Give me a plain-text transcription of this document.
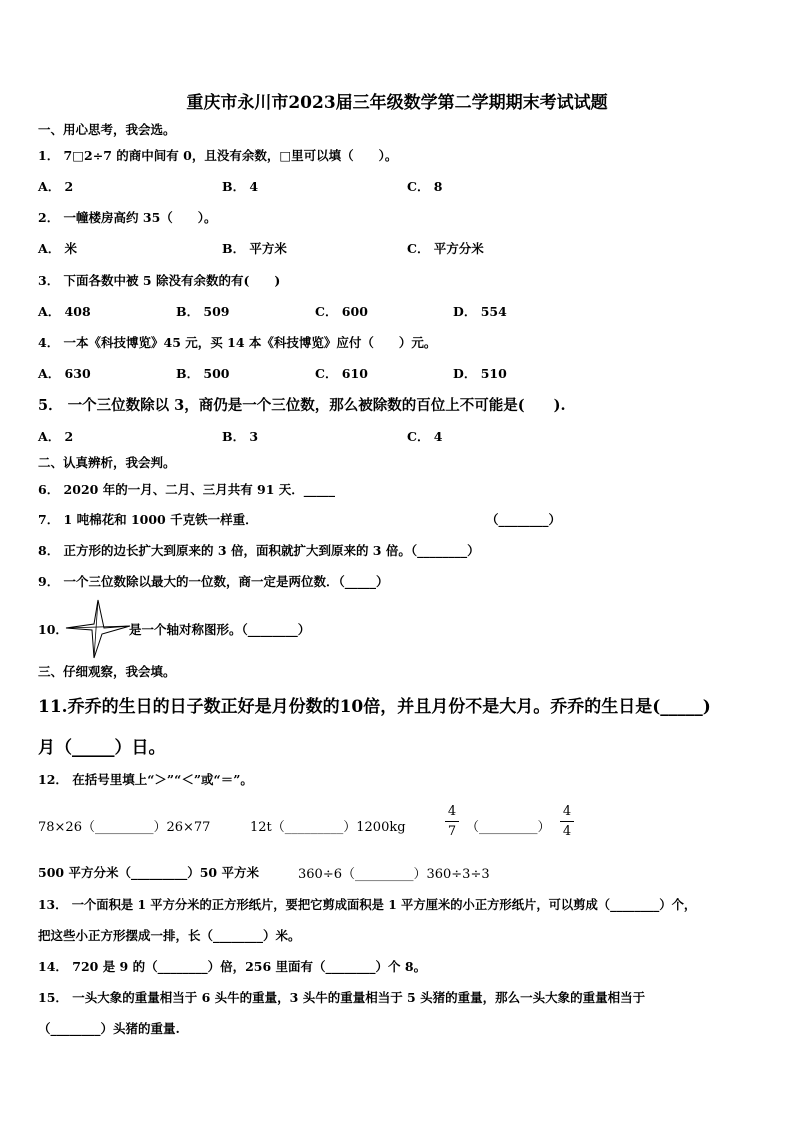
重庆市永川市2023届三年级数学第二学期期末考试试题
一、用心思考，我会选。
1． 7□2÷7 的商中间有 0，且没有余数，□里可以填（　　）。
A． 2	B． 4	C． 8
2． 一幢楼房高约 35（　　）。
A． 米	B． 平方米	C． 平方分米
3． 下面各数中被 5 除没有余数的有(　　)
A． 408	B． 509	C． 600	D． 554
4． 一本《科技博览》45 元，买 14 本《科技博览》应付（　　）元。
A． 630	B． 500	C． 610	D． 510
5． 一个三位数除以 3，商仍是一个三位数，那么被除数的百位上不可能是(　　).
A． 2	B． 3	C． 4
二、认真辨析，我会判。
6． 2020 年的一月、二月、三月共有 91 天．_____
7． 1 吨棉花和 1000 千克铁一样重．	（________）
8． 正方形的边长扩大到原来的 3 倍，面积就扩大到原来的 3 倍。（________）
9． 一个三位数除以最大的一位数，商一定是两位数．（_____）
10．	是一个轴对称图形。（________）
三、仔细观察，我会填。
11.乔乔的生日的日子数正好是月份数的10倍，并且月份不是大月。乔乔的生日是(_____)
月（_____）日。
12． 在括号里填上“＞”“＜”或“＝”。
78×26（_________）26×77	12t（_________）1200kg
4
7 （_________）
4
4
500 平方分米（_________）50 平方米	360÷6（_________）360÷3÷3
13． 一个面积是 1 平方分米的正方形纸片，要把它剪成面积是 1 平方厘米的小正方形纸片，可以剪成（________）个，
把这些小正方形摆成一排，长（________）米。
14． 720 是 9 的（________）倍，256 里面有（________）个 8。
15． 一头大象的重量相当于 6 头牛的重量，3 头牛的重量相当于 5 头猪的重量，那么一头大象的重量相当于
（________）头猪的重量.
